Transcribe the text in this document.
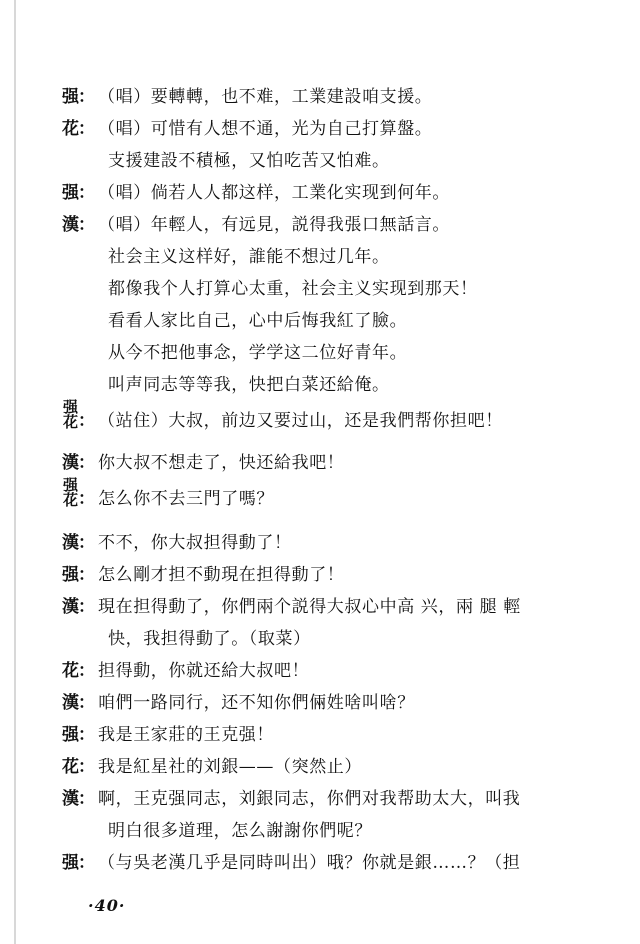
强 ： （唱）要轉轉，也不难，工業建設咱支援。
花 ： （唱）可惜有人想不通，光为自己打算盤。
支援建設不積極，又怕吃苦又怕难。
强 ： （唱）倘若人人都这样，工業化实现到何年。
漢 ： （唱）年輕人，有远見，説得我張口無話言。
社会主义这样好，誰能不想过几年。
都像我个人打算心太重，社会主义实现到那天！
看看人家比自己，心中后悔我紅了臉。
从今不把他事念，学学这二位好青年。
叫声同志等等我，快把白菜还給俺。
强花 ： （站住）大叔，前边又要过山，还是我們帮你担吧！
漢 ： 你大叔不想走了，快还給我吧！
强花 ： 怎么你不去三門了嗎？
漢 ： 不不，你大叔担得動了！
强 ： 怎么剛才担不動現在担得動了！
漢 ： 現在担得動了，你們兩个説得大叔心中高 兴，兩 腿 輕
快，我担得動了。（取菜）
花 ： 担得動，你就还給大叔吧！
漢 ： 咱們一路同行，还不知你們倆姓啥叫啥？
强 ： 我是王家莊的王克强！
花 ： 我是紅星社的刘銀——（突然止）
漢 ： 啊，王克强同志，刘銀同志，你們对我帮助太大，叫我
明白很多道理，怎么謝謝你們呢？
强 ： （与吳老漢几乎是同時叫出）哦？你就是銀……？（担
·40·
